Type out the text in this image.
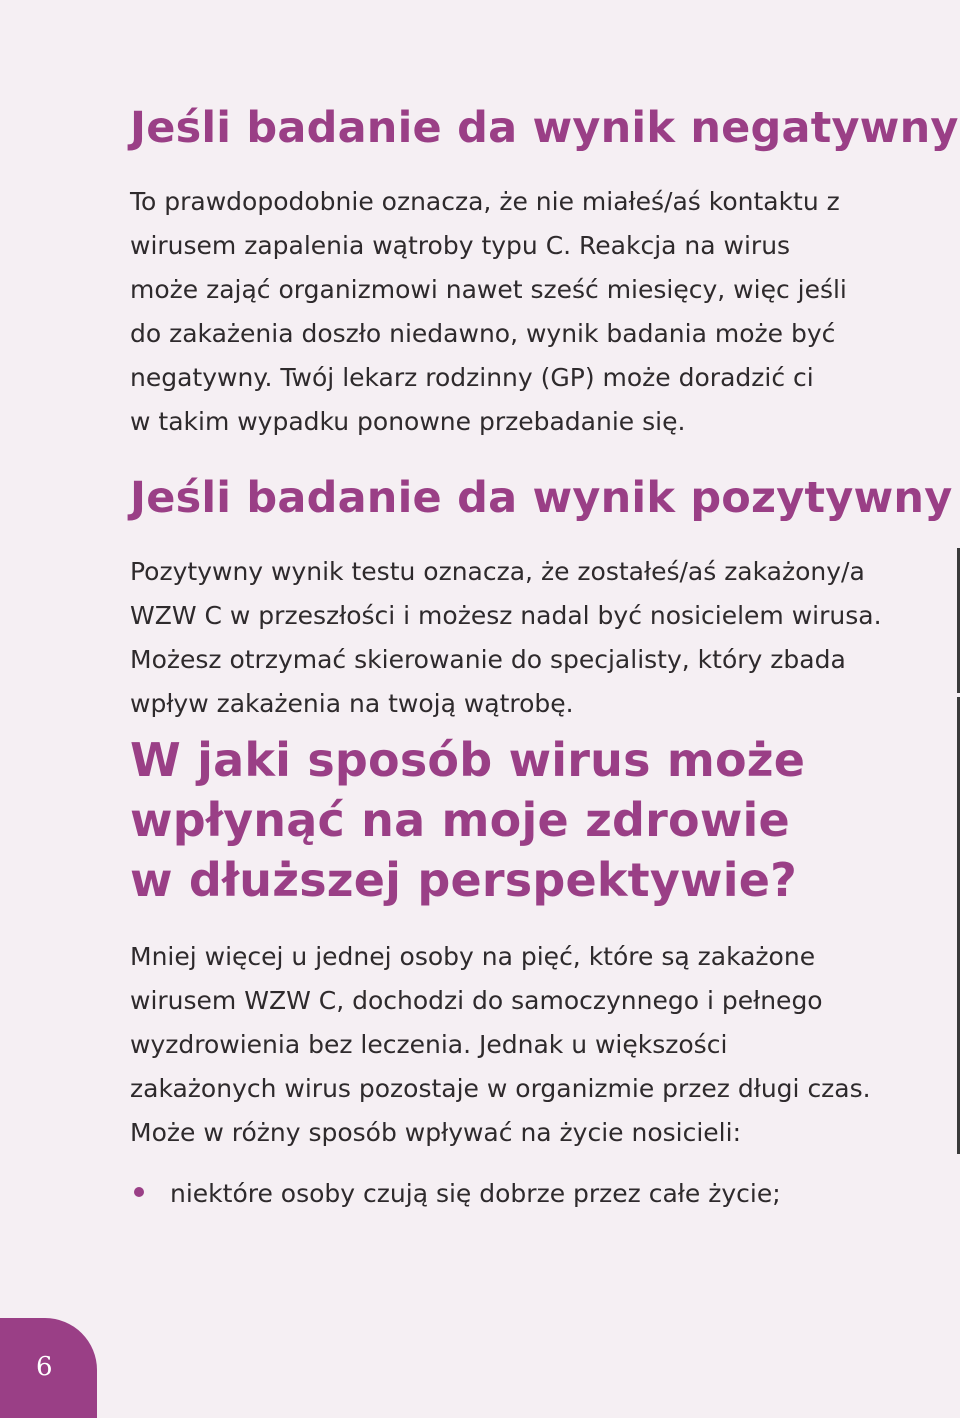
Jeśli badanie da wynik negatywny

To prawdopodobnie oznacza, że nie miałeś/aś kontaktu z
wirusem zapalenia wątroby typu C. Reakcja na wirus
może zająć organizmowi nawet sześć miesięcy, więc jeśli
do zakażenia doszło niedawno, wynik badania może być
negatywny. Twój lekarz rodzinny (GP) może doradzić ci
w takim wypadku ponowne przebadanie się.

Jeśli badanie da wynik pozytywny

Pozytywny wynik testu oznacza, że zostałeś/aś zakażony/a
WZW C w przeszłości i możesz nadal być nosicielem wirusa.
Możesz otrzymać skierowanie do specjalisty, który zbada
wpływ zakażenia na twoją wątrobę.

W jaki sposób wirus może
wpłynąć na moje zdrowie
w dłuższej perspektywie?

Mniej więcej u jednej osoby na pięć, które są zakażone
wirusem WZW C, dochodzi do samoczynnego i pełnego
wyzdrowienia bez leczenia. Jednak u większości
zakażonych wirus pozostaje w organizmie przez długi czas.
Może w różny sposób wpływać na życie nosicieli:

niektóre osoby czują się dobrze przez całe życie;
6
